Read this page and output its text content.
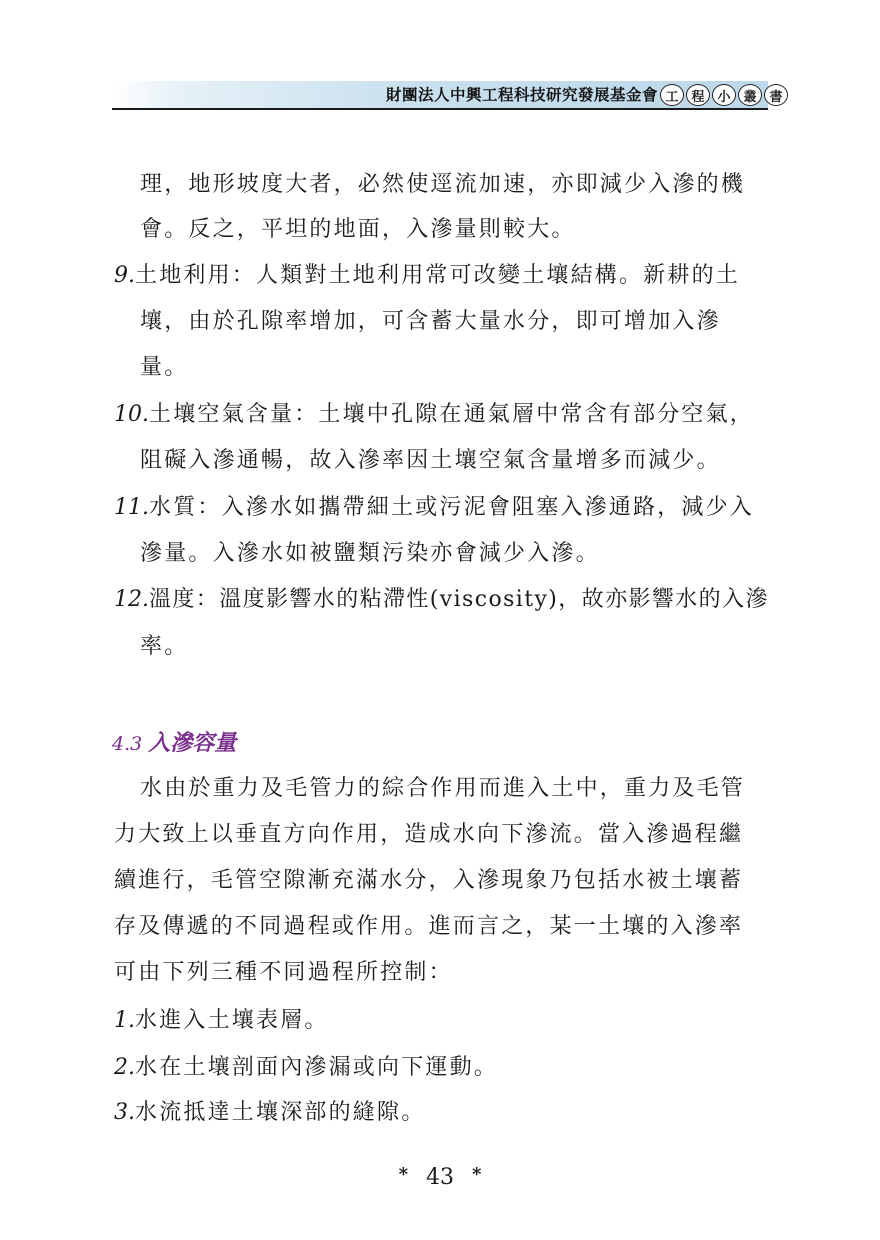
財團法人中興工程科技研究發展基金會 工 程 小 叢 書
理，地形坡度大者，必然使逕流加速，亦即減少入滲的機
會。反之，平坦的地面，入滲量則較大。
9.土地利用：人類對土地利用常可改變土壤結構。新耕的土
壤，由於孔隙率增加，可含蓄大量水分，即可增加入滲
量。
10.土壤空氣含量：土壤中孔隙在通氣層中常含有部分空氣，
阻礙入滲通暢，故入滲率因土壤空氣含量增多而減少。
11.水質：入滲水如攜帶細土或污泥會阻塞入滲通路，減少入
滲量。入滲水如被鹽類污染亦會減少入滲。
12.溫度：溫度影響水的粘滯性(viscosity)，故亦影響水的入滲
率。
4.3 入滲容量
水由於重力及毛管力的綜合作用而進入土中，重力及毛管
力大致上以垂直方向作用，造成水向下滲流。當入滲過程繼
續進行，毛管空隙漸充滿水分，入滲現象乃包括水被土壤蓄
存及傳遞的不同過程或作用。進而言之，某一土壤的入滲率
可由下列三種不同過程所控制：
1.水進入土壤表層。
2.水在土壤剖面內滲漏或向下運動。
3.水流抵達土壤深部的縫隙。
* 43 *
